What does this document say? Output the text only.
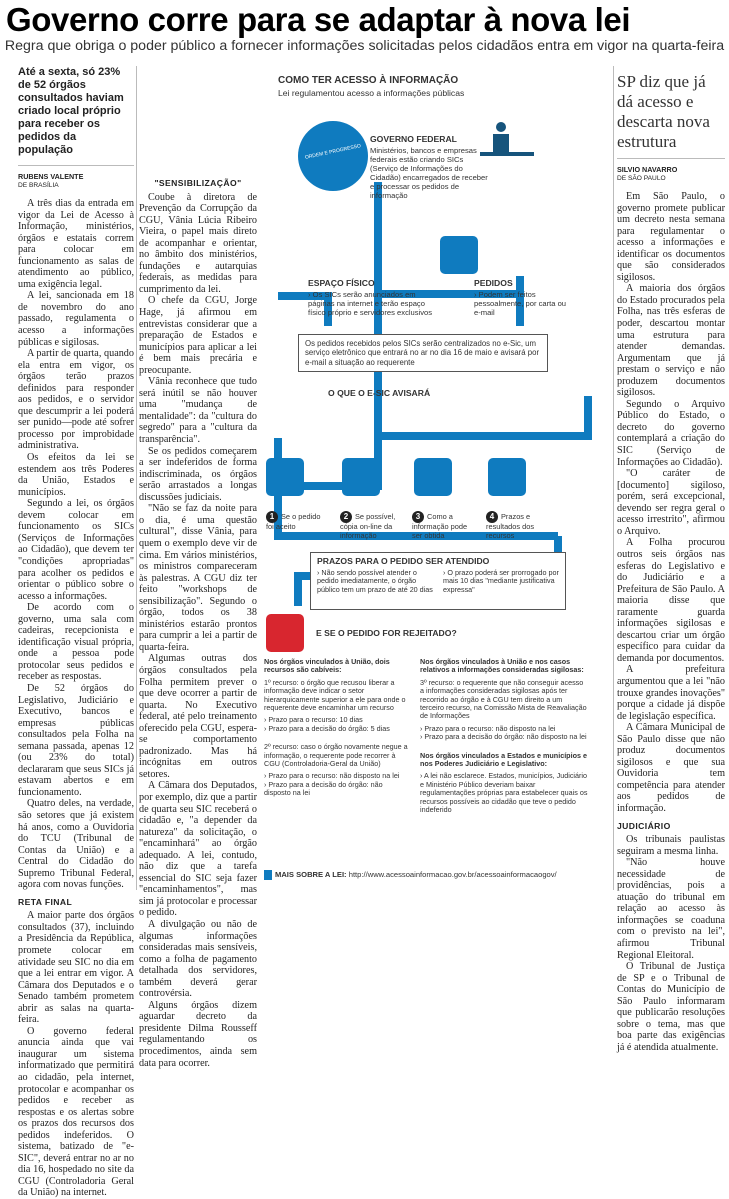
Governo corre para se adaptar à nova lei
Regra que obriga o poder público a fornecer informações solicitadas pelos cidadãos entra em vigor na quarta-feira
Até a sexta, só 23% de 52 órgãos consultados haviam criado local próprio para receber os pedidos da população
RUBENS VALENTE
DE BRASÍLIA

A três dias da entrada em vigor da Lei de Acesso à Informação, ministérios, órgãos e estatais correm para colocar em funcionamento as salas de atendimento ao público, uma exigência legal.

A lei, sancionada em 18 de novembro do ano passado, regulamenta o acesso a informações públicas e sigilosas.

A partir de quarta, quando ela entra em vigor, os órgãos terão prazos definidos para responder aos pedidos, e o servidor que descumprir a lei poderá ser punido—pode até sofrer processo por improbidade administrativa.

Os efeitos da lei se estendem aos três Poderes da União, Estados e municípios.

Segundo a lei, os órgãos devem colocar em funcionamento os SICs (Serviços de Informações ao Cidadão), que devem ter "condições apropriadas" para acolher os pedidos e orientar o público sobre o acesso a informações.

De acordo com o governo, uma sala com cadeiras, recepcionista e identificação visual própria, onde a pessoa pode protocolar seus pedidos e receber as respostas.

De 52 órgãos do Legislativo, Judiciário e Executivo, bancos e empresas públicas consultados pela Folha na semana passada, apenas 12 (ou 23% do total) declararam que seus SICs já estavam abertos e em funcionamento.

Quatro deles, na verdade, são setores que já existem há anos, como a Ouvidoria do TCU (Tribunal de Contas da União) e a Central do Cidadão do Supremo Tribunal Federal, agora com novas funções.

RETA FINAL

A maior parte dos órgãos consultados (37), incluindo a Presidência da República, promete colocar em atividade seu SIC no dia em que a lei entrar em vigor. A Câmara dos Deputados e o Senado também prometem abrir as salas na quarta-feira.

O governo federal anuncia ainda que vai inaugurar um sistema informatizado que permitirá ao cidadão, pela internet, protocolar e acompanhar os pedidos e receber as respostas e os alertas sobre os prazos dos recursos dos pedidos indeferidos. O sistema, batizado de "e-SIC", deverá entrar no ar no dia 16, hospedado no site da CGU (Controladoria Geral da União) na internet.

"SENSIBILIZAÇÃO"

Coube à diretora de Prevenção da Corrupção da CGU, Vânia Lúcia Ribeiro Vieira, o papel mais direto de acompanhar e orientar, no âmbito dos ministérios, fundações e autarquias federais, as medidas para cumprimento da lei.

O chefe da CGU, Jorge Hage, já afirmou em entrevistas considerar que a preparação de Estados e municípios para aplicar a lei é bem mais precária e preocupante.

Vânia reconhece que tudo será inútil se não houver uma "mudança de mentalidade": da "cultura do segredo" para a "cultura da transparência".

Se os pedidos começarem a ser indeferidos de forma indiscriminada, os órgãos serão arrastados a longas discussões judiciais.

"Não se faz da noite para o dia, é uma questão cultural", disse Vânia, para quem o exemplo deve vir de cima. Em vários ministérios, os ministros compareceram às palestras. A CGU diz ter feito "workshops de sensibilização". Segundo o órgão, todos os 38 ministérios estarão prontos para cumprir a lei a partir de quarta-feira.

Algumas outras dos órgãos consultados pela Folha permitem prever o que deve ocorrer a partir de quarta. No Executivo federal, até pelo treinamento oferecido pela CGU, espera-se comportamento padronizado. Mas há incógnitas em outros setores.

A Câmara dos Deputados, por exemplo, diz que a partir de quarta seu SIC receberá o cidadão e, "a depender da natureza" da solicitação, o "encaminhará" ao órgão adequado. A lei, contudo, não diz que a tarefa essencial do SIC seja fazer "encaminhamentos", mas sim já protocolar e processar o pedido.

A divulgação ou não de algumas informações consideradas mais sensíveis, como a folha de pagamento detalhada dos servidores, também deverá gerar controvérsia.

Alguns órgãos dizem aguardar decreto da presidente Dilma Rousseff regulamentando os procedimentos, ainda sem data para ocorrer.

COMO TER ACESSO À INFORMAÇÃO
Lei regulamentou acesso a informações públicas
ORDEM E PROGRESSO
GOVERNO FEDERAL
Ministérios, bancos e empresas federais estão criando SICs (Serviço de Informações do Cidadão) encarregados de receber e processar os pedidos de informação
ESPAÇO FÍSICO
› Os SICs serão anunciados em páginas na internet e terão espaço físico próprio e servidores exclusivos
PEDIDOS
› Podem ser feitos pessoalmente, por carta ou e-mail
Os pedidos recebidos pelos SICs serão centralizados no e-Sic, um serviço eletrônico que entrará no ar no dia 16 de maio e avisará por e-mail a situação ao requerente
O QUE O E-SIC AVISARÁ
1 Se o pedido foi aceito
2 Se possível, cópia on-line da informação
3 Como a informação pode ser obtida
4 Prazos e resultados dos recursos
PRAZOS PARA O PEDIDO SER ATENDIDO
› Não sendo possível atender o pedido imediatamente, o órgão público tem um prazo de até 20 dias
› O prazo poderá ser prorrogado por mais 10 dias "mediante justificativa expressa"
E SE O PEDIDO FOR REJEITADO?
Nos órgãos vinculados à União, dois recursos são cabíveis:
1º recurso: o órgão que recusou liberar a informação deve indicar o setor hierarquicamente superior a ele para onde o requerente deve encaminhar um recurso
› Prazo para o recurso: 10 dias
› Prazo para a decisão do órgão: 5 dias
2º recurso: caso o órgão novamente negue a informação, o requerente pode recorrer à CGU (Controladoria-Geral da União)
› Prazo para o recurso: não disposto na lei
› Prazo para a decisão do órgão: não disposto na lei
Nos órgãos vinculados à União e nos casos relativos a informações consideradas sigilosas:
3º recurso: o requerente que não conseguir acesso a informações consideradas sigilosas após ter recorrido ao órgão e à CGU tem direito a um terceiro recurso, na Comissão Mista de Reavaliação de Informações
› Prazo para o recurso: não disposto na lei
› Prazo para a decisão do órgão: não disposto na lei
Nos órgãos vinculados a Estados e municípios e nos Poderes Judiciário e Legislativo:
› A lei não esclarece. Estados, municípios, Judiciário e Ministério Público deveriam baixar regulamentações próprias para estabelecer quais os recursos possíveis ao cidadão que teve o pedido indeferido
MAIS SOBRE A LEI: http://www.acessoainformacao.gov.br/acessoainformacaogov/
SP diz que já dá acesso e descarta nova estrutura
SILVIO NAVARRO
DE SÃO PAULO

Em São Paulo, o governo promete publicar um decreto nesta semana para regulamentar o acesso a informações e identificar os documentos que são considerados sigilosos.

A maioria dos órgãos do Estado procurados pela Folha, nas três esferas de poder, descartou montar uma estrutura para atender demandas. Argumentam que já prestam o serviço e não produzem documentos sigilosos.

Segundo o Arquivo Público do Estado, o decreto do governo contemplará a criação do SIC (Serviço de Informações ao Cidadão).

"O caráter de [documento] sigiloso, porém, será excepcional, devendo ser regra geral o acesso irrestrito", afirmou o Arquivo.

A Folha procurou outros seis órgãos nas esferas do Legislativo e do Judiciário e a Prefeitura de São Paulo. A maioria disse que raramente guarda informações sigilosas e descartou criar um órgão específico para cuidar da demanda por documentos.

A prefeitura argumentou que a lei "não trouxe grandes inovações" porque a cidade já dispõe de legislação específica.

A Câmara Municipal de São Paulo disse que não produz documentos sigilosos e que sua Ouvidoria tem competência para atender aos pedidos de informação.

JUDICIÁRIO

Os tribunais paulistas seguiram a mesma linha.

"Não houve necessidade de providências, pois a atuação do tribunal em relação ao acesso às informações se coaduna com o previsto na lei", afirmou Tribunal Regional Eleitoral.

O Tribunal de Justiça de SP e o Tribunal de Contas do Município de São Paulo informaram que publicarão resoluções sobre o tema, mas que boa parte das exigências já é atendida atualmente.
